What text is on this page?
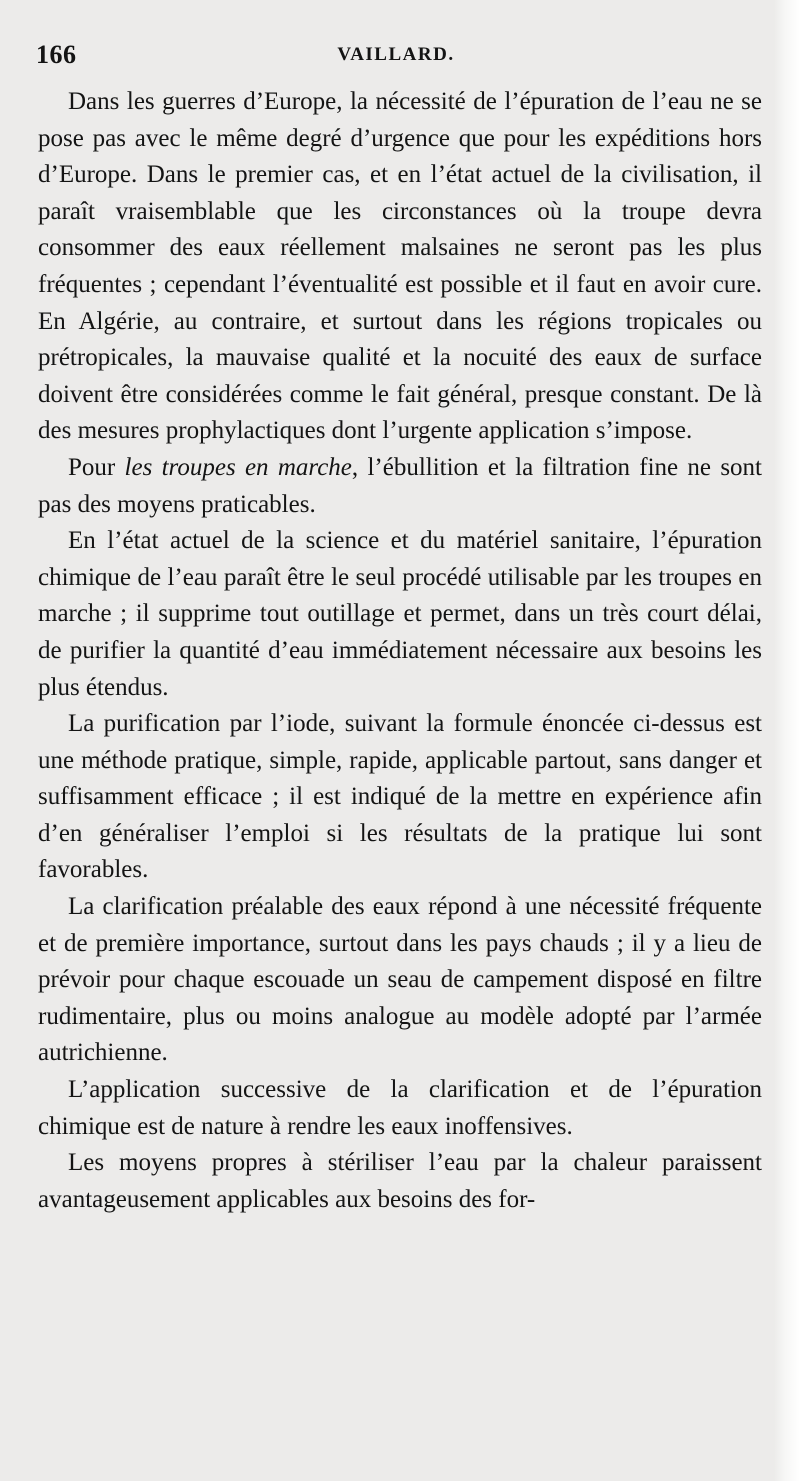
166	VAILLARD.

Dans les guerres d’Europe, la nécessité de l’épuration de l’eau ne se pose pas avec le même degré d’urgence que pour les expéditions hors d’Europe. Dans le premier cas, et en l’état actuel de la civilisation, il paraît vraisemblable que les circonstances où la troupe devra consommer des eaux réellement malsaines ne seront pas les plus fréquentes ; cependant l’éventualité est possible et il faut en avoir cure. En Algérie, au contraire, et surtout dans les régions tropicales ou prétropicales, la mauvaise qualité et la nocuité des eaux de surface doivent être considérées comme le fait général, presque constant. De là des mesures prophylactiques dont l’urgente application s’impose.

Pour les troupes en marche, l’ébullition et la filtration fine ne sont pas des moyens praticables.

En l’état actuel de la science et du matériel sanitaire, l’épuration chimique de l’eau paraît être le seul procédé utilisable par les troupes en marche ; il supprime tout outillage et permet, dans un très court délai, de purifier la quantité d’eau immédiatement nécessaire aux besoins les plus étendus.

La purification par l’iode, suivant la formule énoncée ci-dessus est une méthode pratique, simple, rapide, applicable partout, sans danger et suffisamment efficace ; il est indiqué de la mettre en expérience afin d’en généraliser l’emploi si les résultats de la pratique lui sont favorables.

La clarification préalable des eaux répond à une nécessité fréquente et de première importance, surtout dans les pays chauds ; il y a lieu de prévoir pour chaque escouade un seau de campement disposé en filtre rudimentaire, plus ou moins analogue au modèle adopté par l’armée autrichienne.

L’application successive de la clarification et de l’épuration chimique est de nature à rendre les eaux inoffensives.

Les moyens propres à stériliser l’eau par la chaleur paraissent avantageusement applicables aux besoins des for-
